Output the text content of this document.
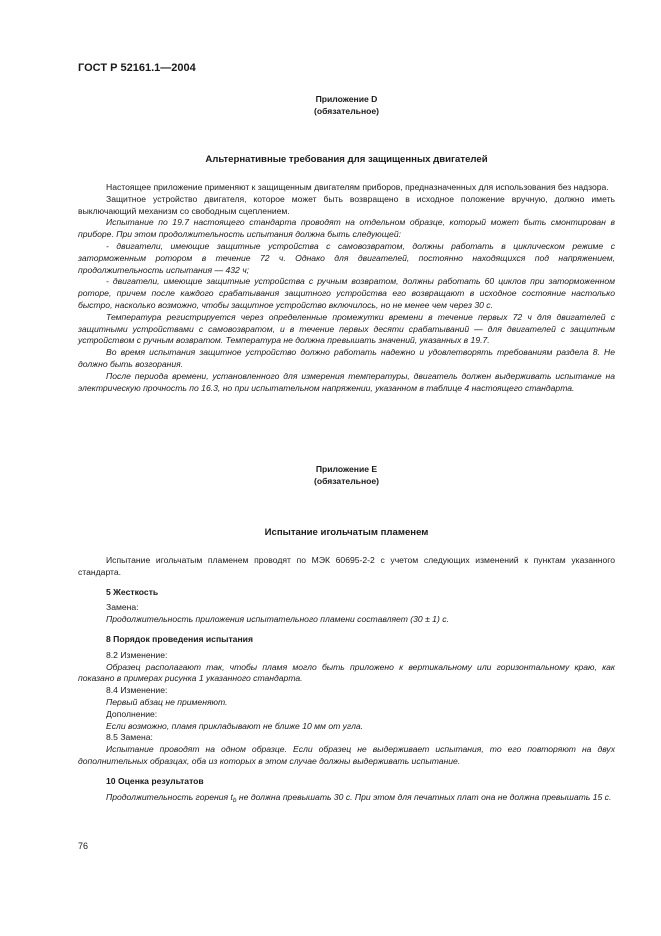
ГОСТ Р 52161.1—2004
Приложение D
(обязательное)
Альтернативные требования для защищенных двигателей

Настоящее приложение применяют к защищенным двигателям приборов, предназначенных для использования без надзора.

Защитное устройство двигателя, которое может быть возвращено в исходное положение вручную, должно иметь выключающий механизм со свободным сцеплением.

Испытание по 19.7 настоящего стандарта проводят на отдельном образце, который может быть смонтирован в приборе. При этом продолжительность испытания должна быть следующей:

- двигатели, имеющие защитные устройства с самовозвратом, должны работать в циклическом режиме с заторможенным ротором в течение 72 ч. Однако для двигателей, постоянно находящихся под напряжением, продолжительность испытания — 432 ч;

- двигатели, имеющие защитные устройства с ручным возвратом, должны работать 60 циклов при заторможенном роторе, причем после каждого срабатывания защитного устройства его возвращают в исходное состояние настолько быстро, насколько возможно, чтобы защитное устройство включилось, но не менее чем через 30 с.

Температура регистрируется через определенные промежутки времени в течение первых 72 ч для двигателей с защитными устройствами с самовозвратом, и в течение первых десяти срабатываний — для двигателей с защитным устройством с ручным возвратом. Температура не должна превышать значений, указанных в 19.7.

Во время испытания защитное устройство должно работать надежно и удовлетворять требованиям раздела 8. Не должно быть возгорания.

После периода времени, установленного для измерения температуры, двигатель должен выдерживать испытание на электрическую прочность по 16.3, но при испытательном напряжении, указанном в таблице 4 настоящего стандарта.

Приложение Е
(обязательное)
Испытание игольчатым пламенем

Испытание игольчатым пламенем проводят по МЭК 60695-2-2 с учетом следующих изменений к пунктам указанного стандарта.

5 Жесткость

Замена:

Продолжительность приложения испытательного пламени составляет (30 ± 1) с.

8 Порядок проведения испытания

8.2 Изменение:

Образец располагают так, чтобы пламя могло быть приложено к вертикальному или горизонтальному краю, как показано в примерах рисунка 1 указанного стандарта.

8.4 Изменение:

Первый абзац не применяют.

Дополнение:

Если возможно, пламя прикладывают не ближе 10 мм от угла.

8.5 Замена:

Испытание проводят на одном образце. Если образец не выдерживает испытания, то его повторяют на двух дополнительных образцах, оба из которых в этом случае должны выдерживать испытание.

10 Оценка результатов

Продолжительность горения $t_b$ не должна превышать 30 с. При этом для печатных плат она не должна превышать 15 с.

76
